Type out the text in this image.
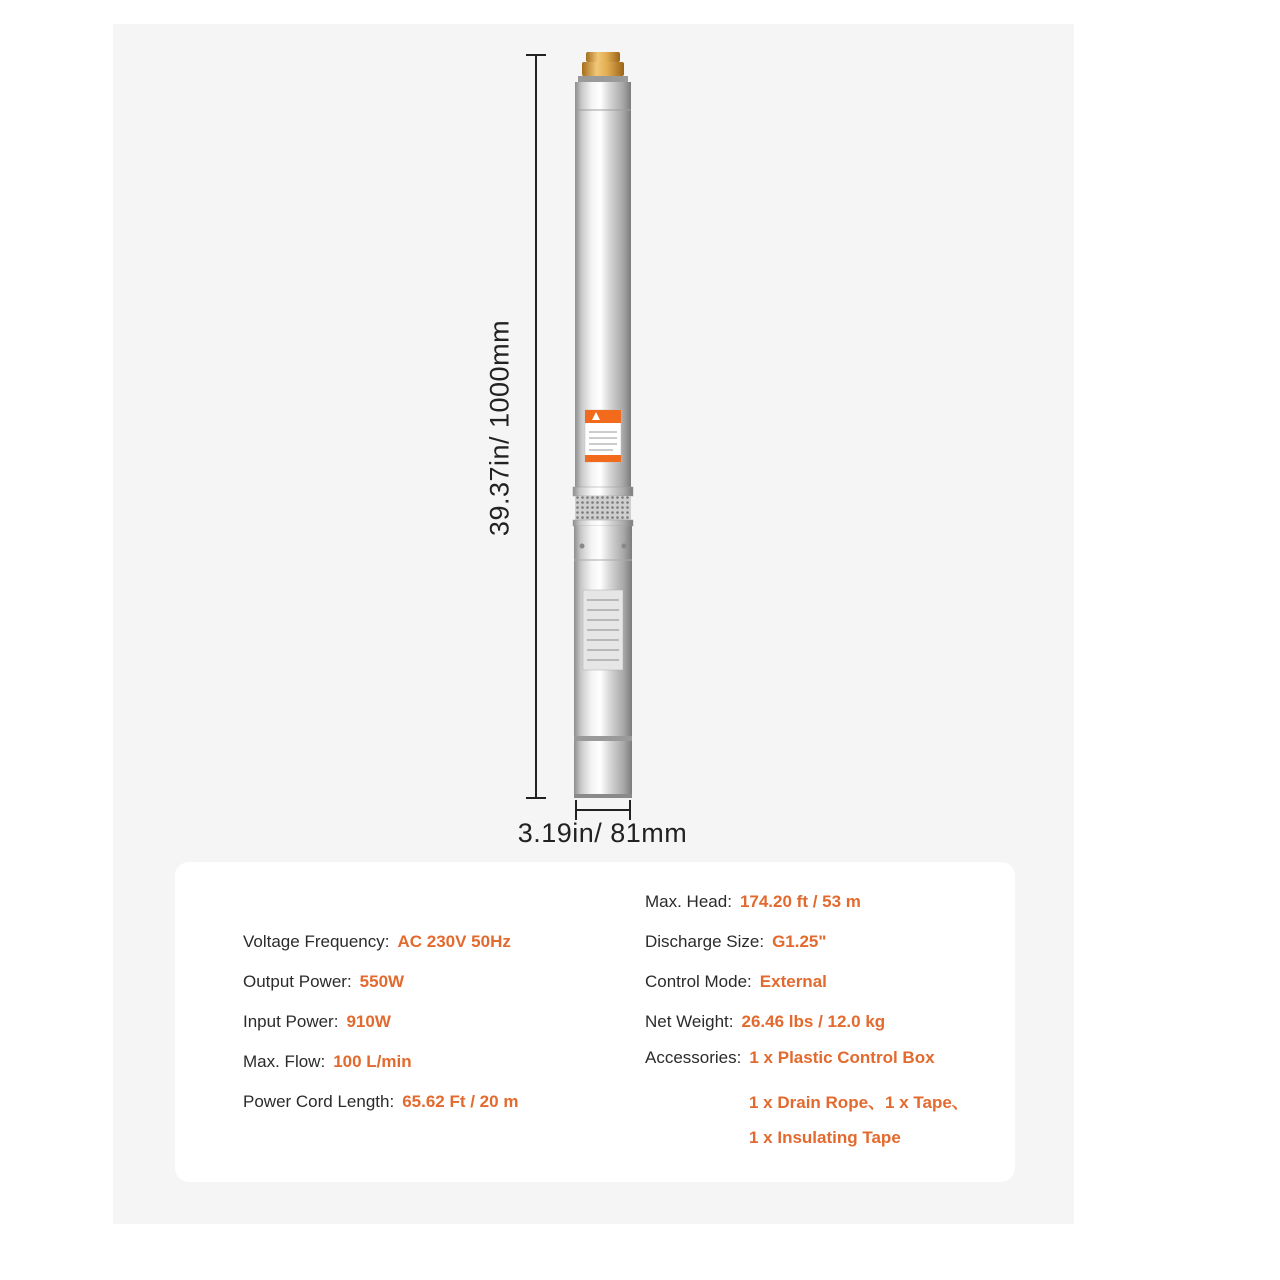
39.37in/ 1000mm
3.19in/ 81mm
Voltage Frequency: AC 230V 50Hz
Output Power: 550W
Input Power: 910W
Max. Flow: 100 L/min
Power Cord Length: 65.62 Ft / 20 m
Max. Head: 174.20 ft / 53 m
Discharge Size: G1.25"
Control Mode: External
Net Weight: 26.46 lbs / 12.0 kg
Accessories: 1 x Plastic Control Box
1 x Drain Rope、1 x Tape、
1 x Insulating Tape
